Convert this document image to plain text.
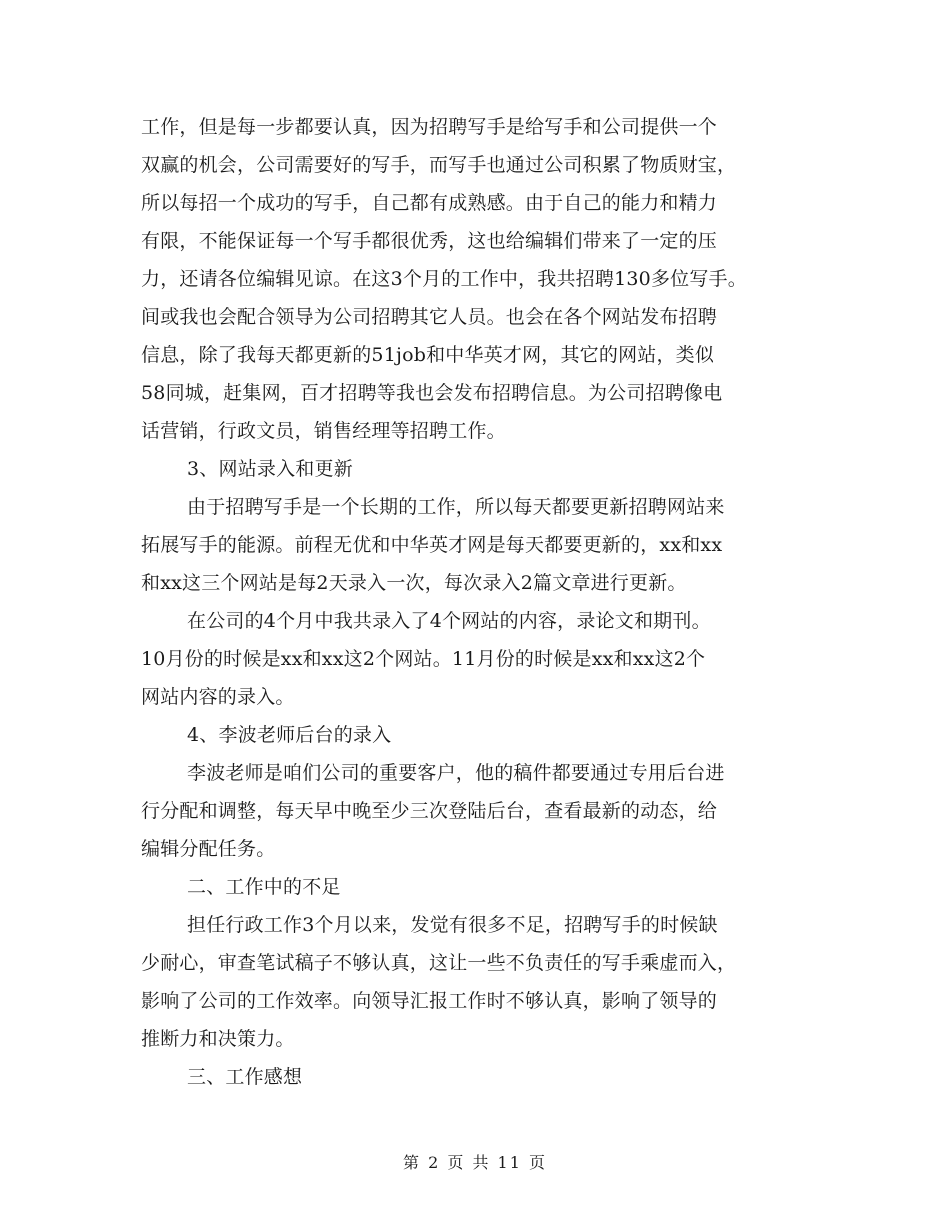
工作，但是每一步都要认真，因为招聘写手是给写手和公司提供一个
双赢的机会，公司需要好的写手，而写手也通过公司积累了物质财宝，
所以每招一个成功的写手，自己都有成熟感。由于自己的能力和精力
有限，不能保证每一个写手都很优秀，这也给编辑们带来了一定的压
力，还请各位编辑见谅。在这3个月的工作中，我共招聘130多位写手。
间或我也会配合领导为公司招聘其它人员。也会在各个网站发布招聘
信息，除了我每天都更新的51job和中华英才网，其它的网站，类似
58同城，赶集网，百才招聘等我也会发布招聘信息。为公司招聘像电
话营销，行政文员，销售经理等招聘工作。
3、网站录入和更新
由于招聘写手是一个长期的工作，所以每天都要更新招聘网站来
拓展写手的能源。前程无优和中华英才网是每天都要更新的，xx和xx
和xx这三个网站是每2天录入一次，每次录入2篇文章进行更新。
在公司的4个月中我共录入了4个网站的内容，录论文和期刊。
10月份的时候是xx和xx这2个网站。11月份的时候是xx和xx这2个
网站内容的录入。
4、李波老师后台的录入
李波老师是咱们公司的重要客户，他的稿件都要通过专用后台进
行分配和调整，每天早中晚至少三次登陆后台，查看最新的动态，给
编辑分配任务。
二、工作中的不足
担任行政工作3个月以来，发觉有很多不足，招聘写手的时候缺
少耐心，审查笔试稿子不够认真，这让一些不负责任的写手乘虚而入，
影响了公司的工作效率。向领导汇报工作时不够认真，影响了领导的
推断力和决策力。
三、工作感想
第 2 页 共 11 页
